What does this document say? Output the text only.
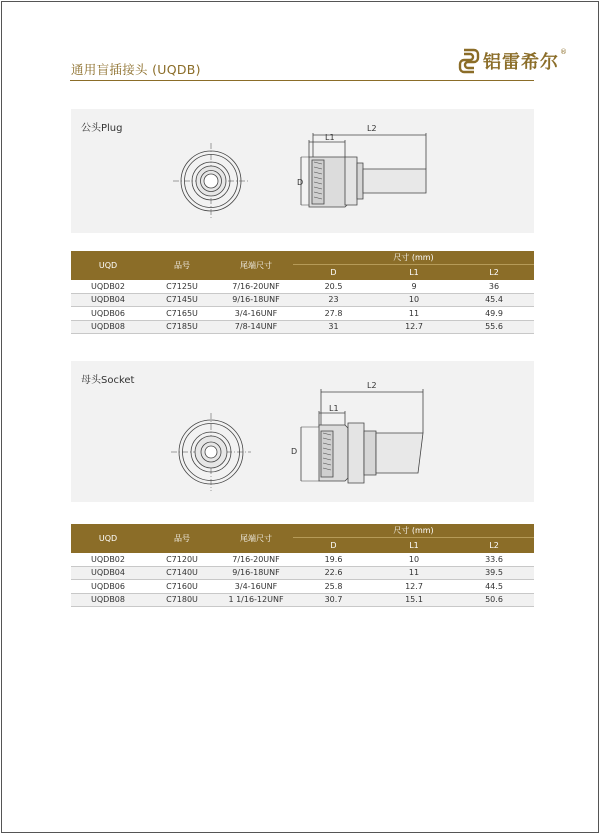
通用盲插接头 (UQDB)	铝雷希尔 ®
公头Plug
D
L1
L2
UQD	品号	尾端尺寸	尺寸 (mm)		
			D	L1	L2
UQDB02	C7125U	7/16-20UNF	20.5	9	36
UQDB04	C7145U	9/16-18UNF	23	10	45.4
UQDB06	C7165U	3/4-16UNF	27.8	11	49.9
UQDB08	C7185U	7/8-14UNF	31	12.7	55.6
母头Socket
D
L1
L2
UQD	品号	尾端尺寸	尺寸 (mm)		
			D	L1	L2
UQDB02	C7120U	7/16-20UNF	19.6	10	33.6
UQDB04	C7140U	9/16-18UNF	22.6	11	39.5
UQDB06	C7160U	3/4-16UNF	25.8	12.7	44.5
UQDB08	C7180U	1 1/16-12UNF	30.7	15.1	50.6
